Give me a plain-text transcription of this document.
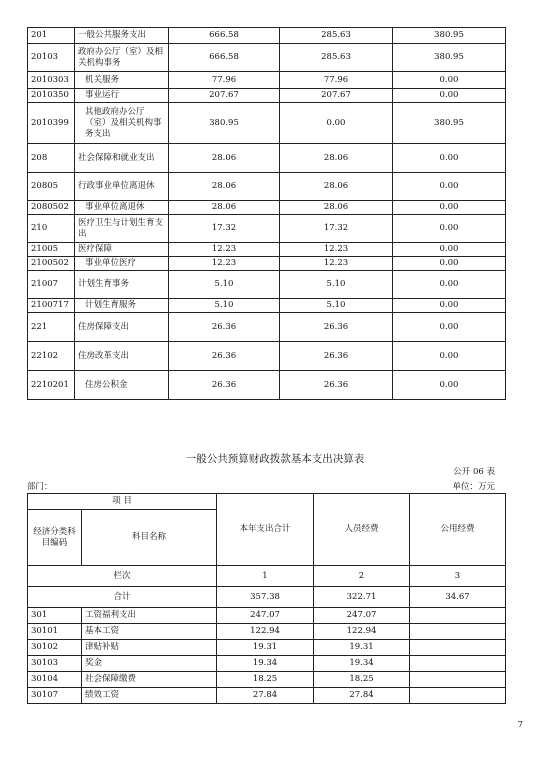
201	一般公共服务支出	666.58	285.63	380.95
20103	政府办公厅（室）及相关机构事务	666.58	285.63	380.95
2010303	机关服务	77.96	77.96	0.00
2010350	事业运行	207.67	207.67	0.00
2010399	其他政府办公厅（室）及相关机构事务支出	380.95	0.00	380.95
208	社会保障和就业支出	28.06	28.06	0.00
20805	行政事业单位离退休	28.06	28.06	0.00
2080502	事业单位离退休	28.06	28.06	0.00
210	医疗卫生与计划生育支出	17.32	17.32	0.00
21005	医疗保障	12.23	12.23	0.00
2100502	事业单位医疗	12.23	12.23	0.00
21007	计划生育事务	5.10	5.10	0.00
2100717	计划生育服务	5.10	5.10	0.00
221	住房保障支出	26.36	26.36	0.00
22102	住房改革支出	26.36	26.36	0.00
2210201	住房公积金	26.36	26.36	0.00
一般公共预算财政拨款基本支出决算表
公开 06 表
部门：	单位：万元
项 目		本年支出合计	人员经费	公用经费
经济分类科目编码	科目名称			
栏次		1	2	3
合计		357.38	322.71	34.67
301	工资福利支出	247.07	247.07	
30101	基本工资	122.94	122.94	
30102	津贴补贴	19.31	19.31	
30103	奖金	19.34	19.34	
30104	社会保障缴费	18.25	18.25	
30107	绩效工资	27.84	27.84	
7
